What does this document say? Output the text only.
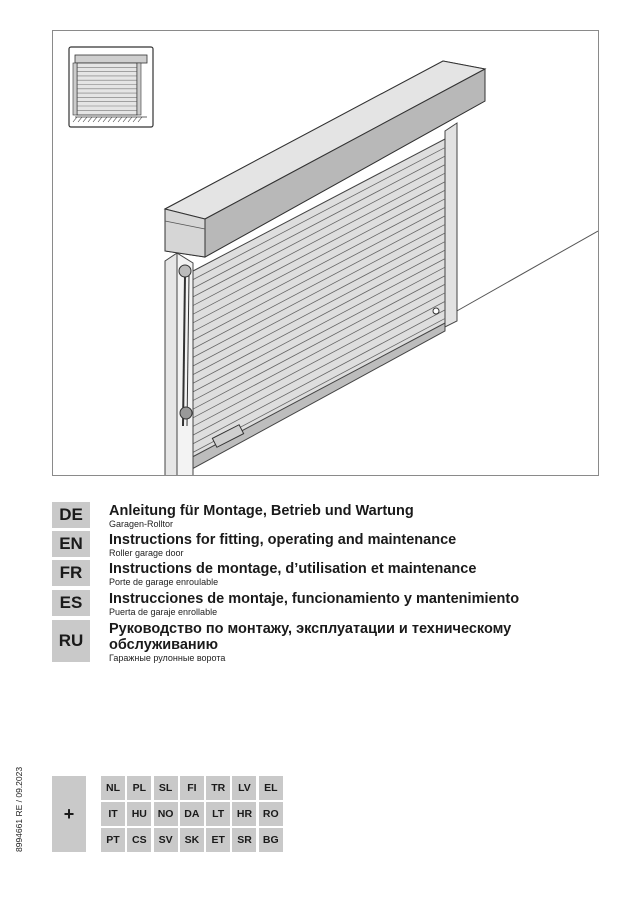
DE	Anleitung für Montage, Betrieb und Wartung
Garagen-Rolltor
EN	Instructions for fitting, operating and maintenance
Roller garage door
FR	Instructions de montage, d’utilisation et maintenance
Porte de garage enroulable
ES	Instrucciones de montaje, funcionamiento y mantenimiento
Puerta de garaje enrollable
RU
Руководство по монтажу, эксплуатации и техническому
обслуживанию
Гаражные рулонные ворота
+
NL	PL	SL	FI	TR	LV	EL
IT	HU	NO	DA	LT	HR	RO
PT	CS	SV	SK	ET	SR	BG
8994661 RE / 09.2023
